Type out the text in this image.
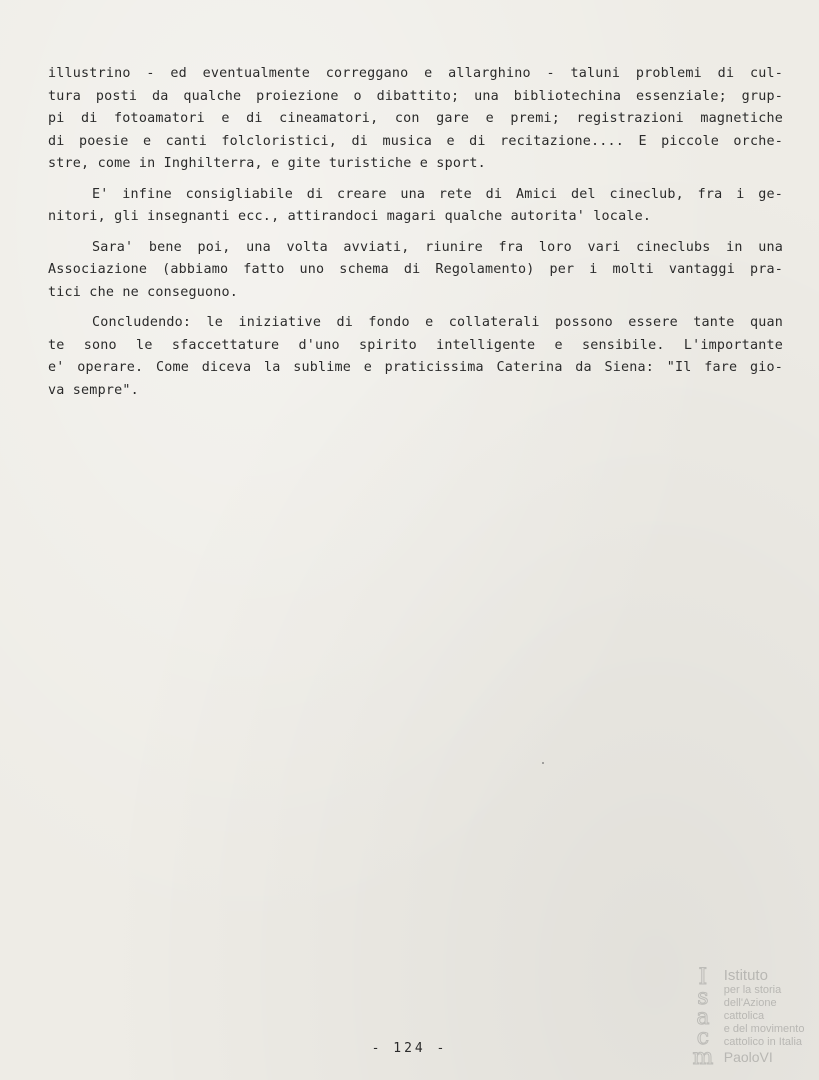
illustrino - ed eventualmente correggano e allarghino - taluni problemi di cul-
tura posti da qualche proiezione o dibattito; una bibliotechina essenziale; grup-
pi di fotoamatori e di cineamatori, con gare e premi; registrazioni magnetiche
di poesie e canti folcloristici, di musica e di recitazione.... E piccole orche-
stre, come in Inghilterra, e gite turistiche e sport.
E' infine consigliabile di creare una rete di Amici del cineclub, fra i ge-
nitori, gli insegnanti ecc., attirandoci magari qualche autorita' locale.
Sara' bene poi, una volta avviati, riunire fra loro vari cineclubs in una
Associazione (abbiamo fatto uno schema di Regolamento) per i molti vantaggi pra-
tici che ne conseguono.
Concludendo: le iniziative di fondo e collaterali possono essere tante quan
te sono le sfaccettature d'uno spirito intelligente e sensibile. L'importante
e' operare. Come diceva la sublime e praticissima Caterina da Siena: "Il fare gio-
va sempre".
- 124 -
I
s
a
c
m
Istituto
per la storia
dell'Azione cattolica
e del movimento
cattolico in Italia
PaoloVI
